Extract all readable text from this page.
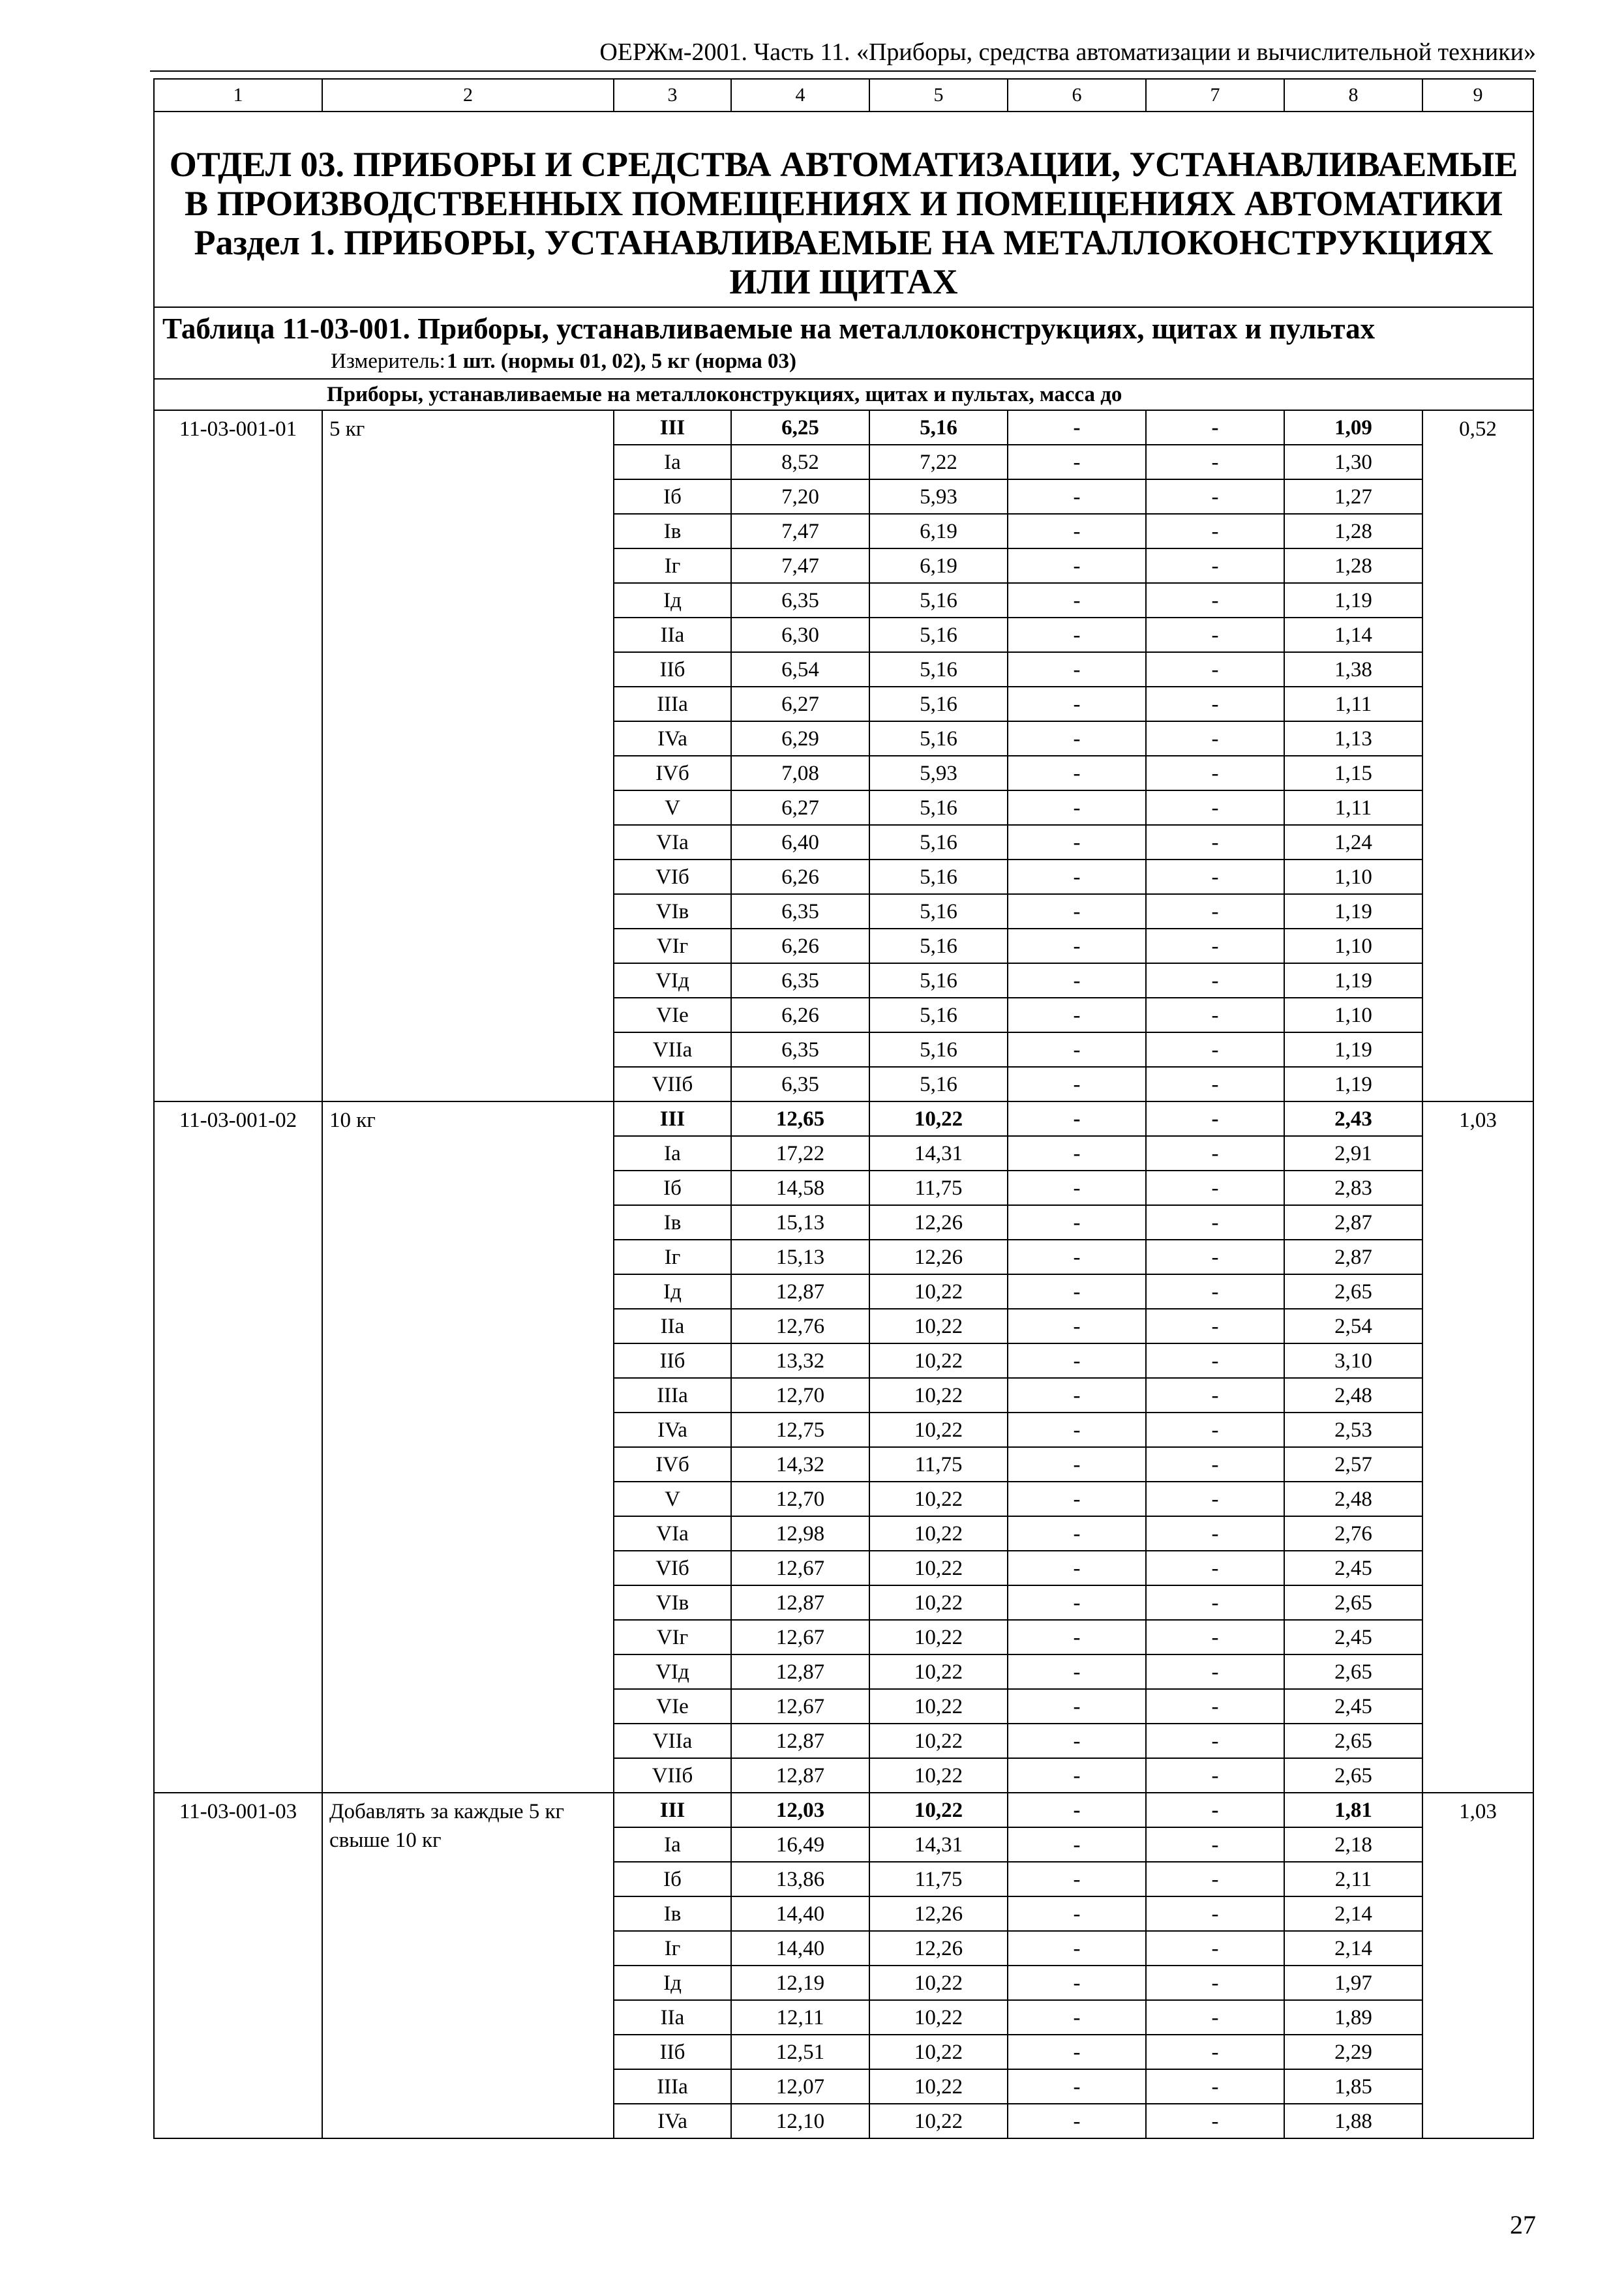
ОЕРЖм-2001. Часть 11. «Приборы, средства автоматизации и вычислительной техники»
1	2	3	4	5	6	7	8	9

ОТДЕЛ 03. ПРИБОРЫ И СРЕДСТВА АВТОМАТИЗАЦИИ, УСТАНАВЛИВАЕМЫЕ В ПРОИЗВОДСТВЕННЫХ ПОМЕЩЕНИЯХ И ПОМЕЩЕНИЯХ АВТОМАТИКИ
Раздел 1. ПРИБОРЫ, УСТАНАВЛИВАЕМЫЕ НА МЕТАЛЛОКОНСТРУКЦИЯХ ИЛИ ЩИТАХ								

Таблица 11-03-001. Приборы, устанавливаемые на металлоконструкциях, щитах и пультах
Измеритель:1 шт. (нормы 01, 02), 5 кг (норма 03)								

Приборы, устанавливаемые на металлоконструкциях, щитах и пультах, масса до								
11-03-001-01	5 кг	III	6,25	5,16	-	-	1,09	0,52
		Ia	8,52	7,22	-	-	1,30	
		Iб	7,20	5,93	-	-	1,27	
		Iв	7,47	6,19	-	-	1,28	
		Iг	7,47	6,19	-	-	1,28	
		Iд	6,35	5,16	-	-	1,19	
		IIa	6,30	5,16	-	-	1,14	
		IIб	6,54	5,16	-	-	1,38	
		IIIa	6,27	5,16	-	-	1,11	
		IVa	6,29	5,16	-	-	1,13	
		IVб	7,08	5,93	-	-	1,15	
		V	6,27	5,16	-	-	1,11	
		VIa	6,40	5,16	-	-	1,24	
		VIб	6,26	5,16	-	-	1,10	
		VIв	6,35	5,16	-	-	1,19	
		VIг	6,26	5,16	-	-	1,10	
		VIд	6,35	5,16	-	-	1,19	
		VIe	6,26	5,16	-	-	1,10	
		VIIa	6,35	5,16	-	-	1,19	
		VIIб	6,35	5,16	-	-	1,19	
11-03-001-02	10 кг	III	12,65	10,22	-	-	2,43	1,03
		Ia	17,22	14,31	-	-	2,91	
		Iб	14,58	11,75	-	-	2,83	
		Iв	15,13	12,26	-	-	2,87	
		Iг	15,13	12,26	-	-	2,87	
		Iд	12,87	10,22	-	-	2,65	
		IIa	12,76	10,22	-	-	2,54	
		IIб	13,32	10,22	-	-	3,10	
		IIIa	12,70	10,22	-	-	2,48	
		IVa	12,75	10,22	-	-	2,53	
		IVб	14,32	11,75	-	-	2,57	
		V	12,70	10,22	-	-	2,48	
		VIa	12,98	10,22	-	-	2,76	
		VIб	12,67	10,22	-	-	2,45	
		VIв	12,87	10,22	-	-	2,65	
		VIг	12,67	10,22	-	-	2,45	
		VIд	12,87	10,22	-	-	2,65	
		VIe	12,67	10,22	-	-	2,45	
		VIIa	12,87	10,22	-	-	2,65	
		VIIб	12,87	10,22	-	-	2,65	
11-03-001-03	Добавлять за каждые 5 кг свыше 10 кг	III	12,03	10,22	-	-	1,81	1,03
		Ia	16,49	14,31	-	-	2,18	
		Iб	13,86	11,75	-	-	2,11	
		Iв	14,40	12,26	-	-	2,14	
		Iг	14,40	12,26	-	-	2,14	
		Iд	12,19	10,22	-	-	1,97	
		IIa	12,11	10,22	-	-	1,89	
		IIб	12,51	10,22	-	-	2,29	
		IIIa	12,07	10,22	-	-	1,85	
		IVa	12,10	10,22	-	-	1,88	
27
